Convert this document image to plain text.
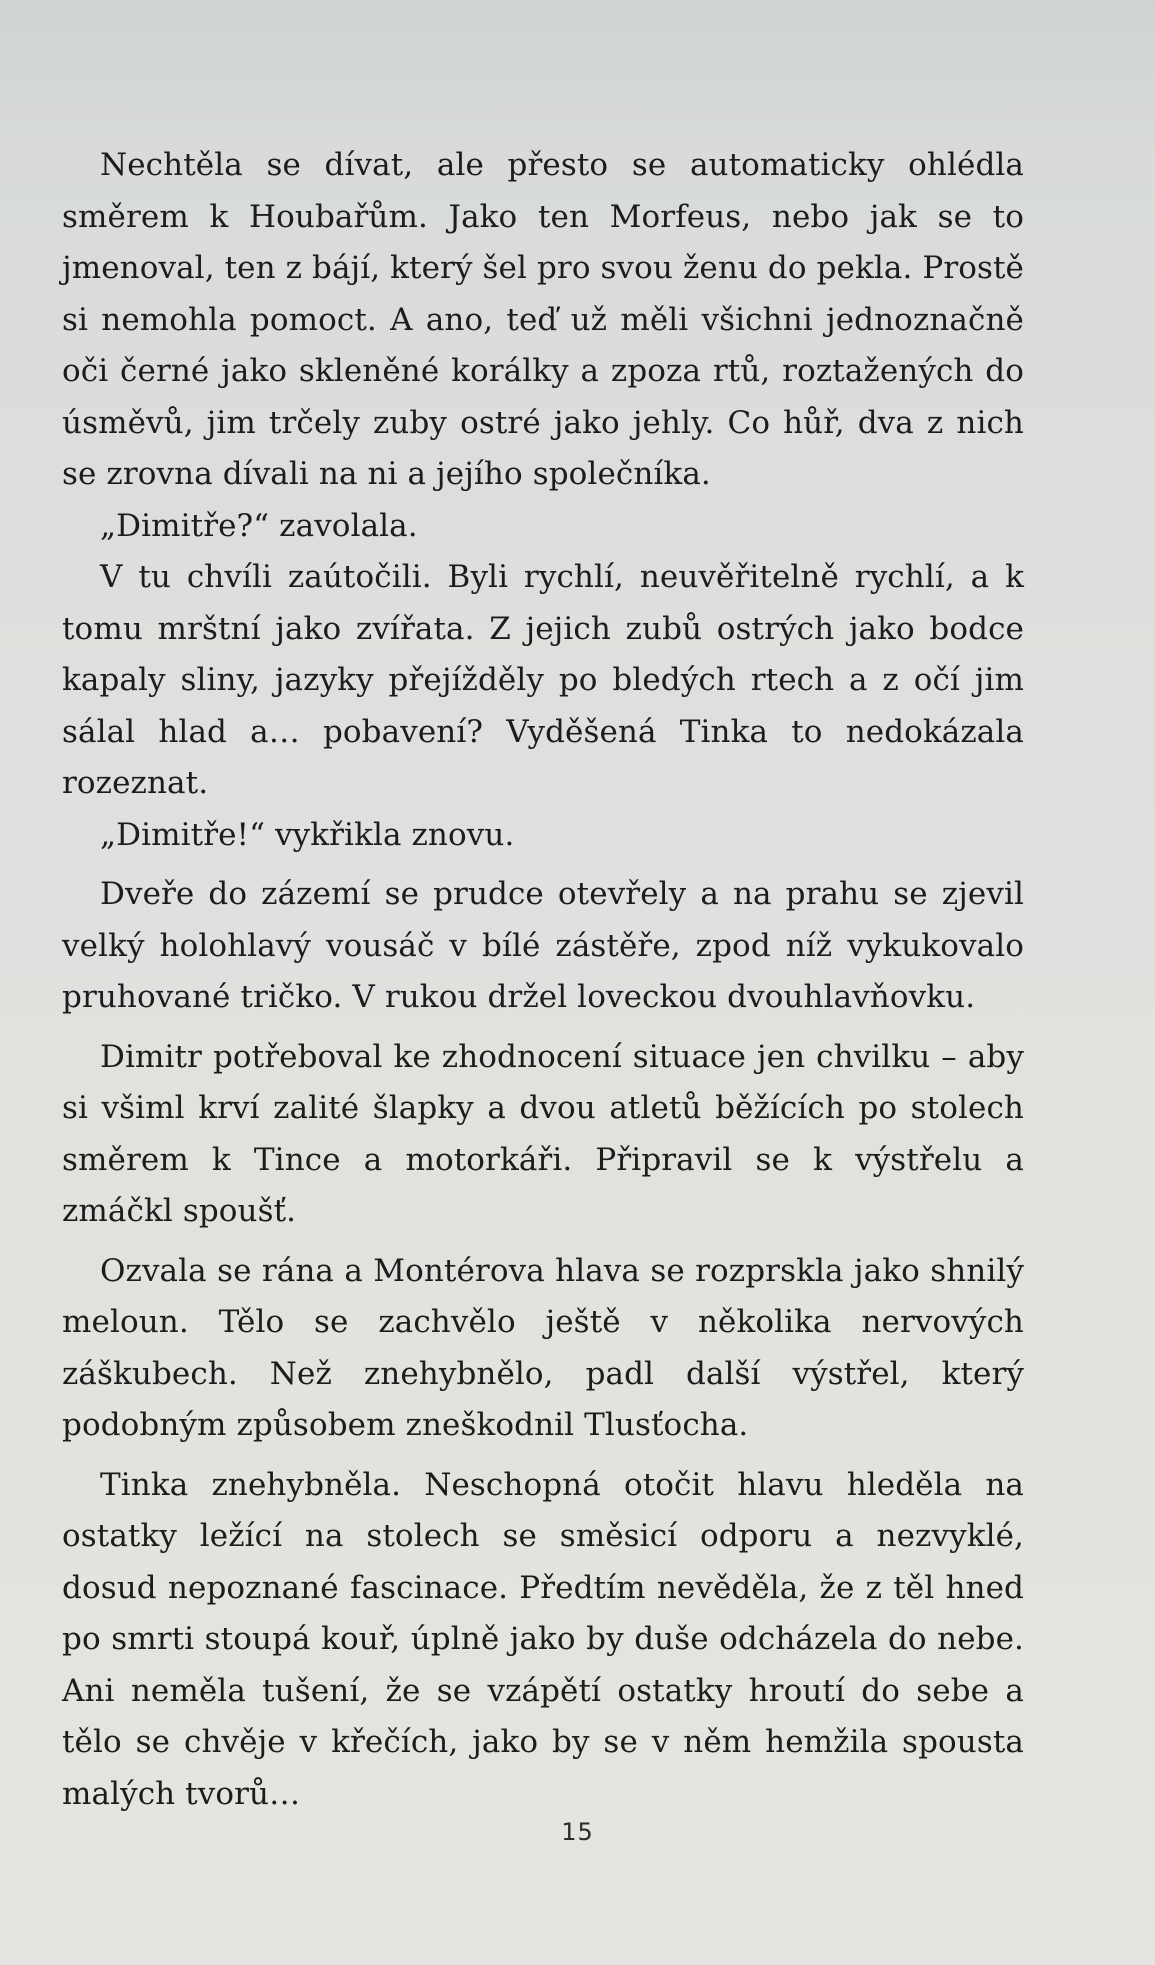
Nechtěla se dívat, ale přesto se automaticky ohlédla směrem k Houbařům. Jako ten Morfeus, nebo jak se to jmenoval, ten z bájí, který šel pro svou ženu do pekla. Prostě si nemohla pomoct. A ano, teď už měli všichni jednoznačně oči černé jako skleněné korálky a zpoza rtů, roztažených do úsměvů, jim trčely zuby ostré jako jehly. Co hůř, dva z nich se zrovna dívali na ni a jejího společníka.

„Dimitře?“ zavolala.

V tu chvíli zaútočili. Byli rychlí, neuvěřitelně rychlí, a k tomu mrštní jako zvířata. Z jejich zubů ostrých jako bodce kapaly sliny, jazyky přejížděly po bledých rtech a z očí jim sálal hlad a… pobavení? Vyděšená Tinka to nedokázala rozeznat.

„Dimitře!“ vykřikla znovu.

Dveře do zázemí se prudce otevřely a na prahu se zjevil velký holohlavý vousáč v bílé zástěře, zpod níž vykukovalo pruhované tričko. V rukou držel loveckou dvouhlavňovku.

Dimitr potřeboval ke zhodnocení situace jen chvilku – aby si všiml krví zalité šlapky a dvou atletů běžících po stolech směrem k Tince a motorkáři. Připravil se k výstřelu a zmáčkl spoušť.

Ozvala se rána a Montérova hlava se rozprskla jako shnilý meloun. Tělo se zachvělo ještě v několika nervových záškubech. Než znehybnělo, padl další výstřel, který podobným způsobem zneškodnil Tlusťocha.

Tinka znehybněla. Neschopná otočit hlavu hleděla na ostatky ležící na stolech se směsicí odporu a nezvyklé, dosud nepoznané fascinace. Předtím nevěděla, že z těl hned po smrti stoupá kouř, úplně jako by duše odcházela do nebe. Ani neměla tušení, že se vzápětí ostatky hroutí do sebe a tělo se chvěje v křečích, jako by se v něm hemžila spousta malých tvorů…

15
